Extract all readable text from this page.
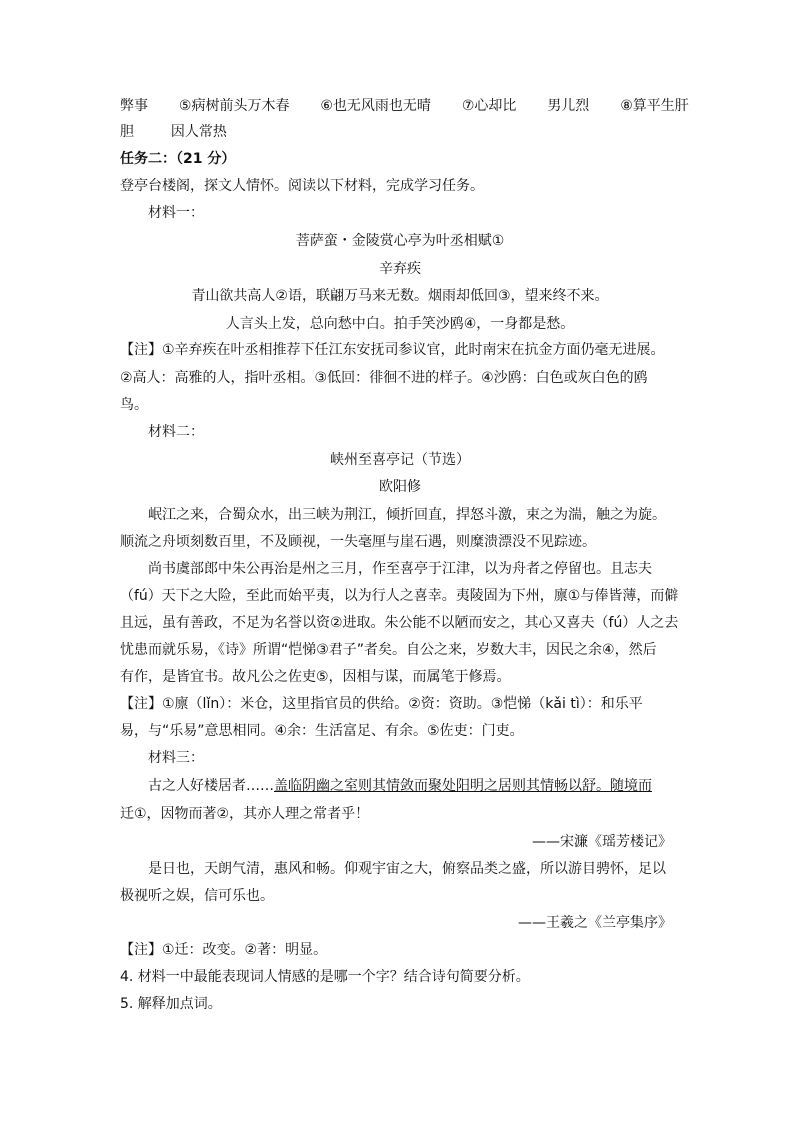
弊事 ⑤病树前头万木春 ⑥也无风雨也无晴 ⑦心却比 男儿烈 ⑧算平生肝
胆	因人常热
任务二：（21 分）
登亭台楼阁，探文人情怀。阅读以下材料，完成学习任务。
材料一：
菩萨蛮・金陵赏心亭为叶丞相赋①
辛弃疾
青山欲共高人②语，联翩万马来无数。烟雨却低回③，望来终不来。
人言头上发，总向愁中白。拍手笑沙鸥④，一身都是愁。
【注】①辛弃疾在叶丞相推荐下任江东安抚司参议官，此时南宋在抗金方面仍毫无进展。
②高人：高雅的人，指叶丞相。③低回：徘徊不进的样子。④沙鸥：白色或灰白色的鸥
鸟。
材料二：
峡州至喜亭记（节选）
欧阳修
岷江之来，合蜀众水，出三峡为荆江，倾折回直，捍怒斗激，束之为湍，触之为旋。
顺流之舟顷刻数百里，不及顾视，一失毫厘与崖石遇，则糜溃漂没不见踪迹。
尚书虞部郎中朱公再治是州之三月，作至喜亭于江津，以为舟者之停留也。且志夫
（fú）天下之大险，至此而始平夷，以为行人之喜幸。夷陵固为下州，廪①与俸皆薄，而僻
且远，虽有善政，不足为名誉以资②进取。朱公能不以陋而安之，其心又喜夫（fú）人之去
忧患而就乐易，《诗》所谓“恺悌③君子”者矣。自公之来，岁数大丰，因民之余④，然后
有作，是皆宜书。故凡公之佐吏⑤，因相与谋，而属笔于修焉。
【注】①廪（lǐn）：米仓，这里指官员的供给。②资：资助。③恺悌（kǎi tì）：和乐平
易，与“乐易”意思相同。④余：生活富足、有余。⑤佐吏：门吏。
材料三：
古之人好楼居者……盖临阴幽之室则其情敛而聚处阳明之居则其情畅以舒。随境而
迁①，因物而著②，其亦人理之常者乎！
——宋濂《瑶芳楼记》
是日也，天朗气清，惠风和畅。仰观宇宙之大，俯察品类之盛，所以游目骋怀，足以
极视听之娱，信可乐也。
——王羲之《兰亭集序》
【注】①迁：改变。②著：明显。
4. 材料一中最能表现词人情感的是哪一个字？结合诗句简要分析。
5. 解释加点词。
